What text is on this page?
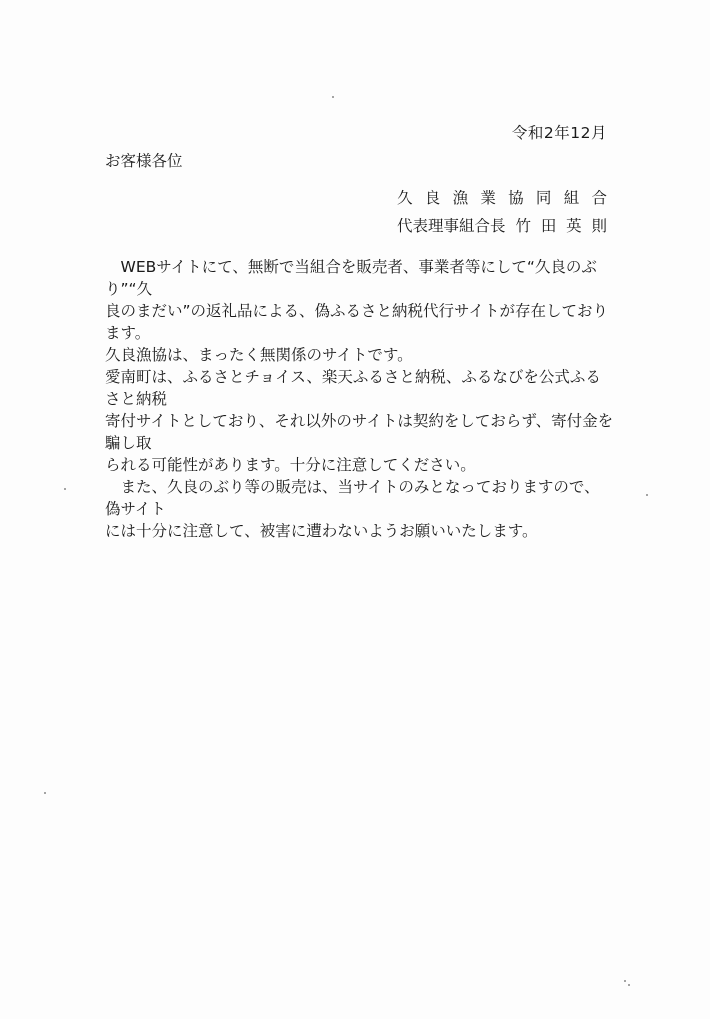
令和2年12月
お客様各位
久 良 漁 業 協 同 組 合
代表理事組合長 竹 田 英 則

　WEBサイトにて、無断で当組合を販売者、事業者等にして“久良のぶり”“久

良のまだい”の返礼品による、偽ふるさと納税代行サイトが存在しております。

久良漁協は、まったく無関係のサイトです。

愛南町は、ふるさとチョイス、楽天ふるさと納税、ふるなびを公式ふるさと納税

寄付サイトとしており、それ以外のサイトは契約をしておらず、寄付金を騙し取

られる可能性があります。十分に注意してください。

　また、久良のぶり等の販売は、当サイトのみとなっておりますので、偽サイト

には十分に注意して、被害に遭わないようお願いいたします。
